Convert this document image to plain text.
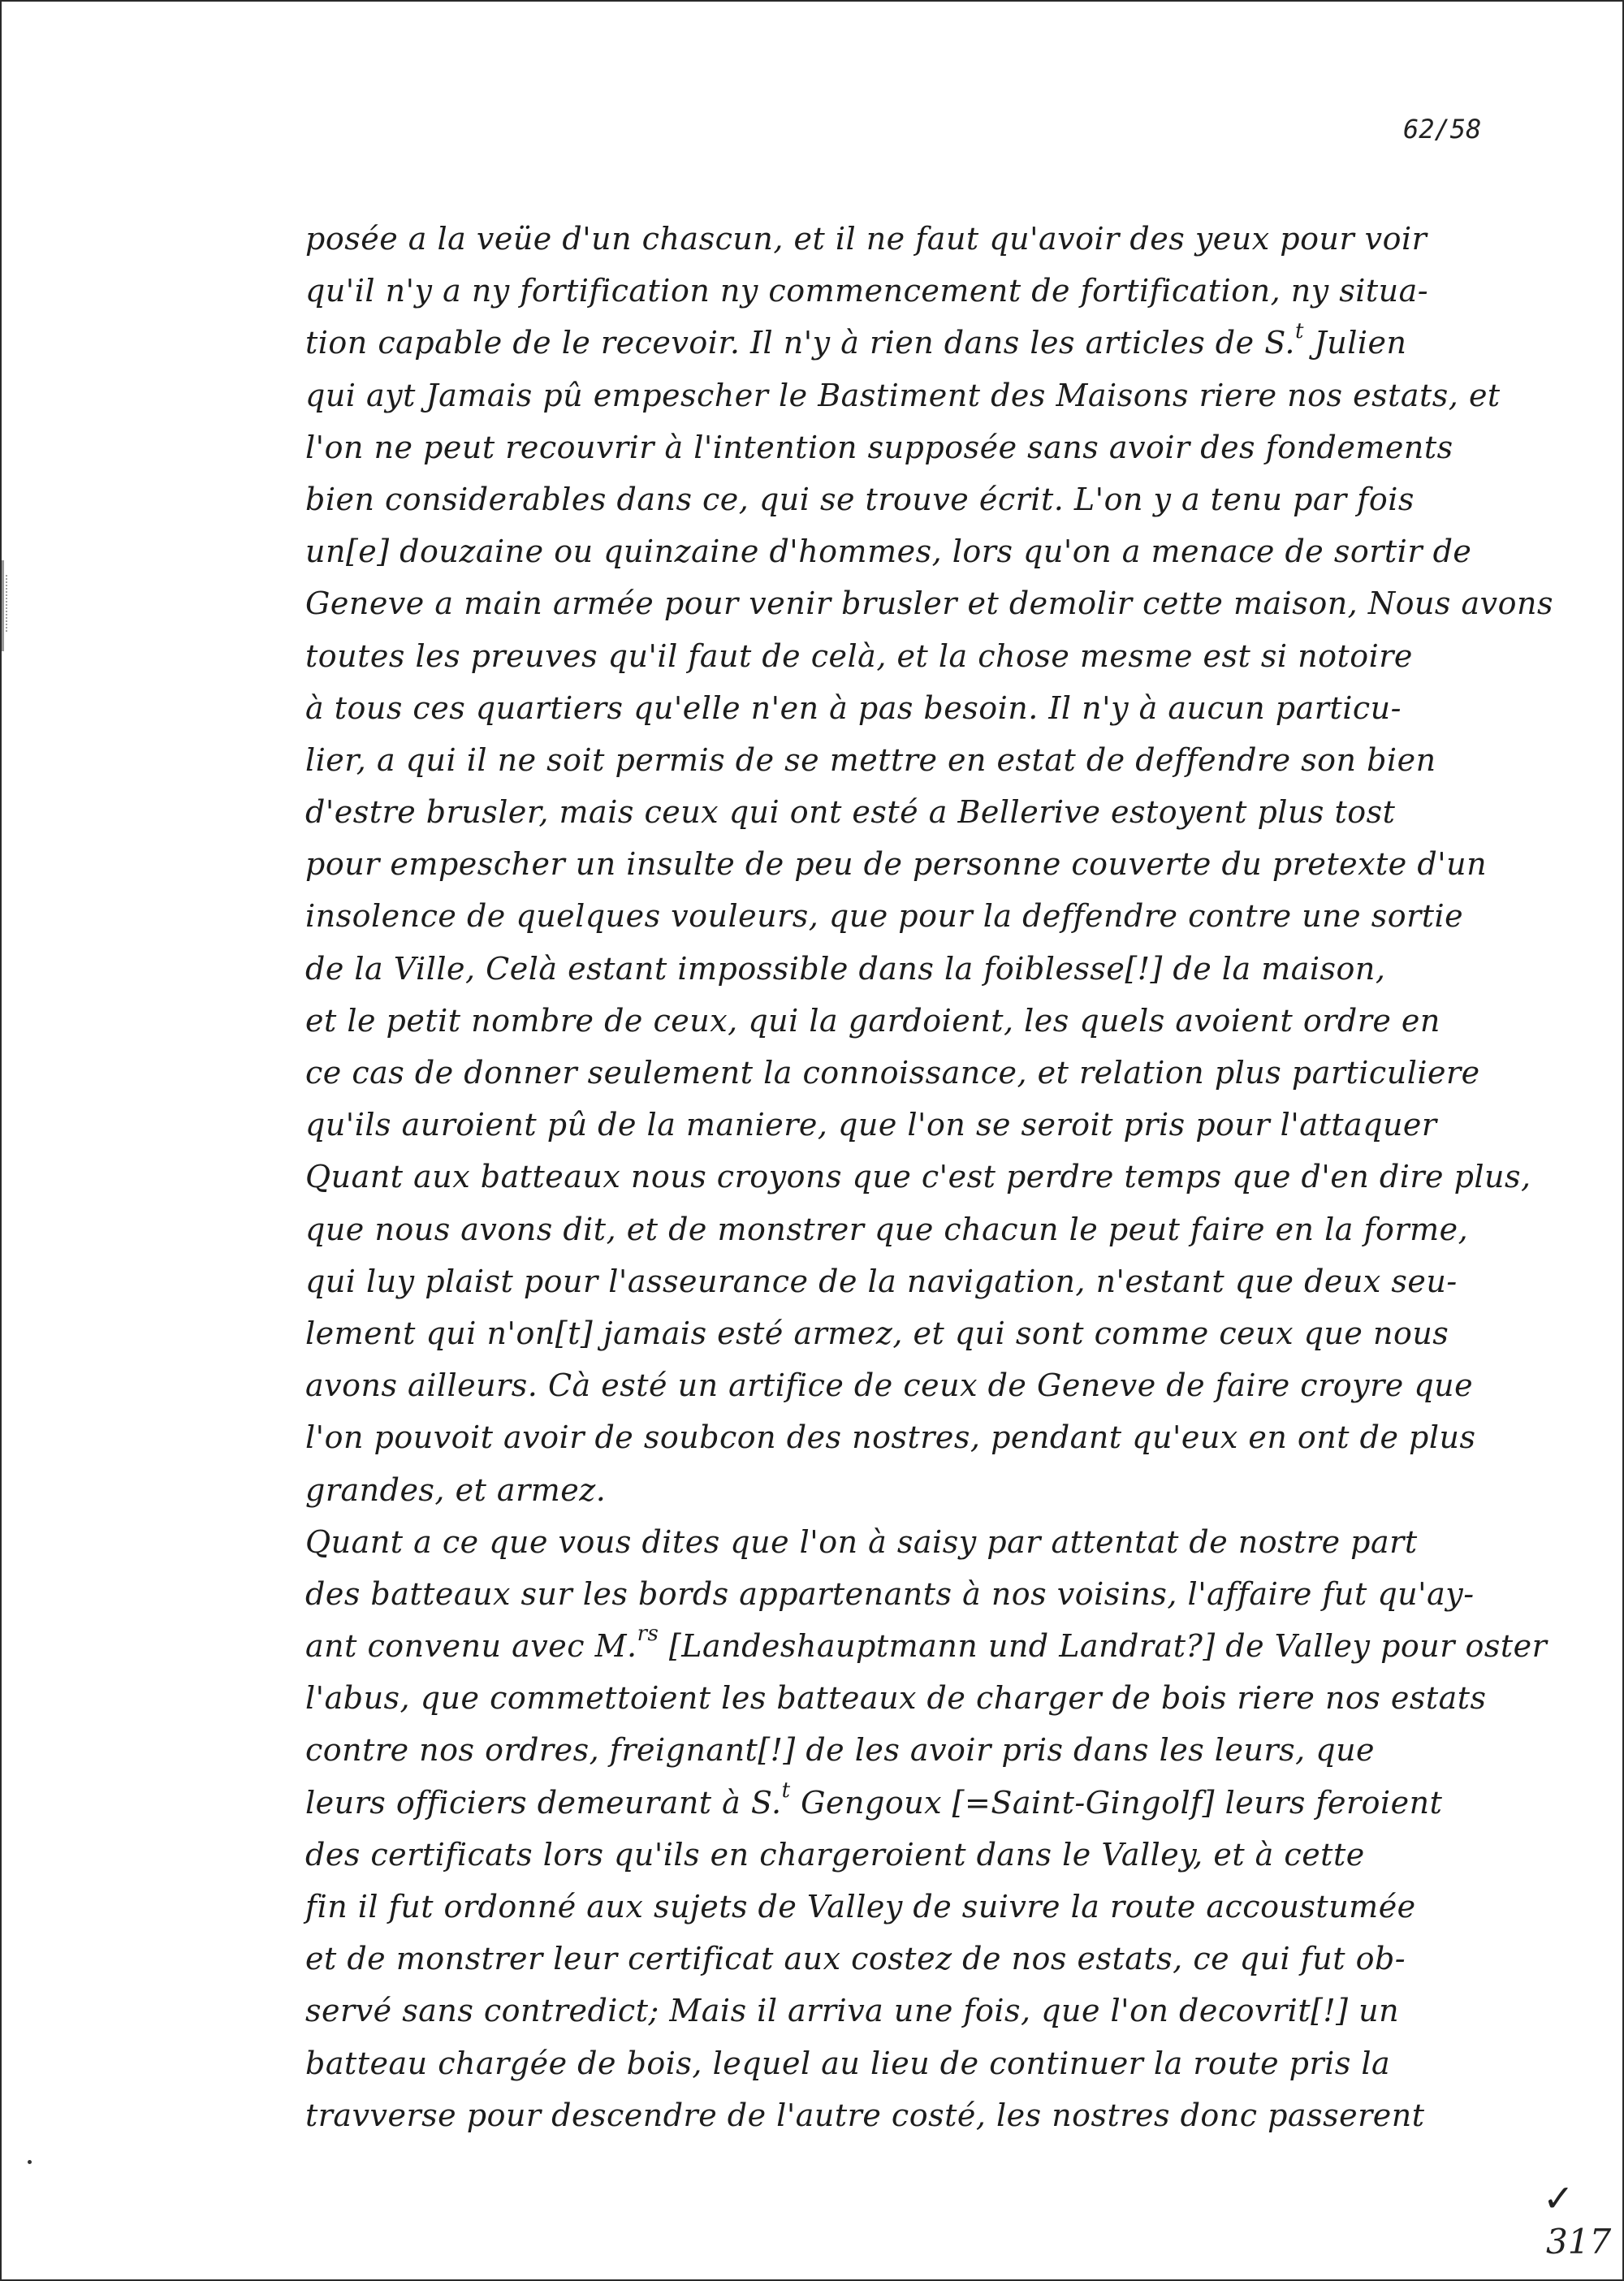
62/58
posée a la veüe d'un chascun, et il ne faut qu'avoir des yeux pour voir
qu'il n'y a ny fortification ny commencement de fortification, ny situa-
tion capable de le recevoir. Il n'y à rien dans les articles de S.$^t$ Julien
qui ayt Jamais pû empescher le Bastiment des Maisons riere nos estats, et
l'on ne peut recouvrir à l'intention supposée sans avoir des fondements
bien considerables dans ce, qui se trouve écrit. L'on y a tenu par fois
un[e] douzaine ou quinzaine d'hommes, lors qu'on a menace de sortir de
Geneve a main armée pour venir brusler et demolir cette maison, Nous avons
toutes les preuves qu'il faut de celà, et la chose mesme est si notoire
à tous ces quartiers qu'elle n'en à pas besoin. Il n'y à aucun particu-
lier, a qui il ne soit permis de se mettre en estat de deffendre son bien
d'estre brusler, mais ceux qui ont esté a Bellerive estoyent plus tost
pour empescher un insulte de peu de personne couverte du pretexte d'un
insolence de quelques vouleurs, que pour la deffendre contre une sortie
de la Ville, Celà estant impossible dans la foiblesse[!] de la maison,
et le petit nombre de ceux, qui la gardoient, les quels avoient ordre en
ce cas de donner seulement la connoissance, et relation plus particuliere
qu'ils auroient pû de la maniere, que l'on se seroit pris pour l'attaquer
Quant aux batteaux nous croyons que c'est perdre temps que d'en dire plus,
que nous avons dit, et de monstrer que chacun le peut faire en la forme,
qui luy plaist pour l'asseurance de la navigation, n'estant que deux seu-
lement qui n'on[t] jamais esté armez, et qui sont comme ceux que nous
avons ailleurs. Cà esté un artifice de ceux de Geneve de faire croyre que
l'on pouvoit avoir de soubcon des nostres, pendant qu'eux en ont de plus
grandes, et armez.
Quant a ce que vous dites que l'on à saisy par attentat de nostre part
des batteaux sur les bords appartenants à nos voisins, l'affaire fut qu'ay-
ant convenu avec M.$^{rs}$ [Landeshauptmann und Landrat?] de Valley pour oster
l'abus, que commettoient les batteaux de charger de bois riere nos estats
contre nos ordres, freignant[!] de les avoir pris dans les leurs, que
leurs officiers demeurant à S.$^t$ Gengoux [=Saint-Gingolf] leurs feroient
des certificats lors qu'ils en chargeroient dans le Valley, et à cette
fin il fut ordonné aux sujets de Valley de suivre la route accoustumée
et de monstrer leur certificat aux costez de nos estats, ce qui fut ob-
servé sans contredict; Mais il arriva une fois, que l'on decovrit[!] un
batteau chargée de bois, lequel au lieu de continuer la route pris la
travverse pour descendre de l'autre costé, les nostres donc passerent
✓
317
